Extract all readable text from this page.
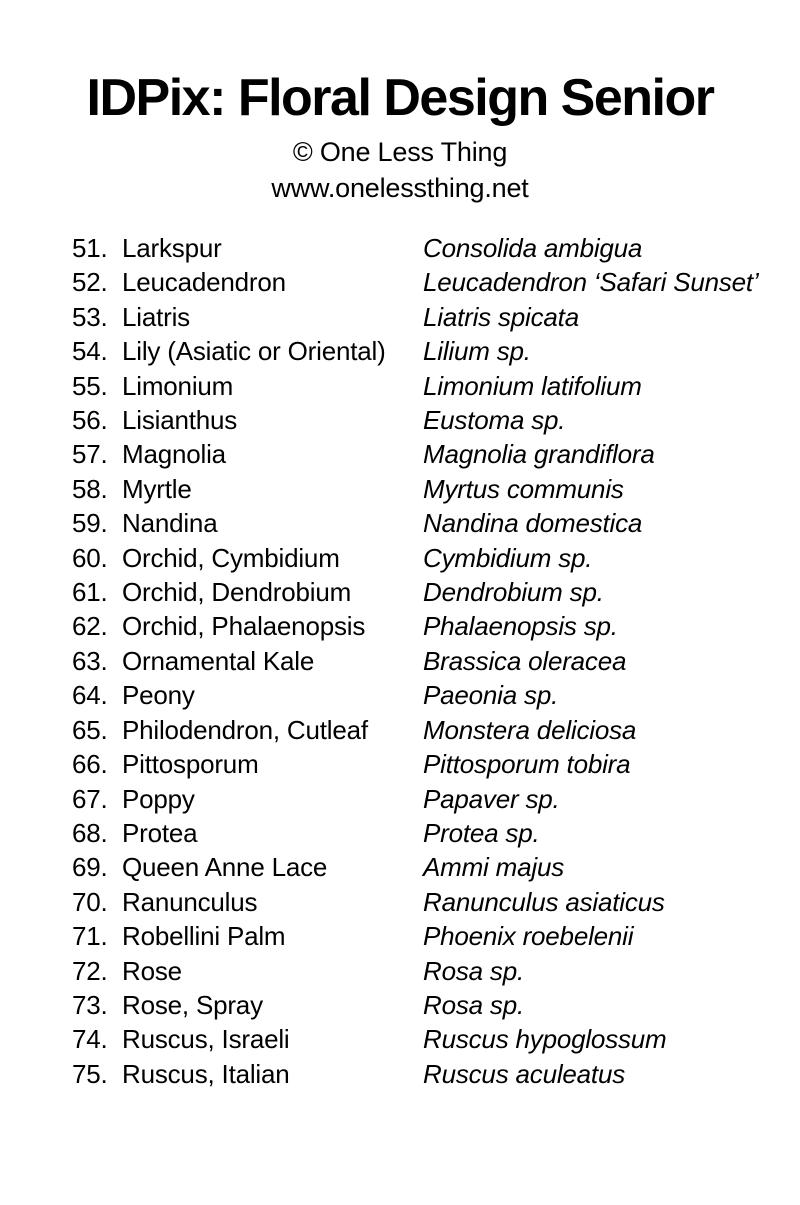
IDPix: Floral Design Senior

© One Less Thing

www.onelessthing.net

51. Larkspur	Consolida ambigua
52. Leucadendron	Leucadendron ‘Safari Sunset’
53. Liatris	Liatris spicata
54. Lily (Asiatic or Oriental)	Lilium sp.
55. Limonium	Limonium latifolium
56. Lisianthus	Eustoma sp.
57. Magnolia	Magnolia grandiflora
58. Myrtle	Myrtus communis
59. Nandina	Nandina domestica
60. Orchid, Cymbidium	Cymbidium sp.
61. Orchid, Dendrobium	Dendrobium sp.
62. Orchid, Phalaenopsis	Phalaenopsis sp.
63. Ornamental Kale	Brassica oleracea
64. Peony	Paeonia sp.
65. Philodendron, Cutleaf	Monstera deliciosa
66. Pittosporum	Pittosporum tobira
67. Poppy	Papaver sp.
68. Protea	Protea sp.
69. Queen Anne Lace	Ammi majus
70. Ranunculus	Ranunculus asiaticus
71. Robellini Palm	Phoenix roebelenii
72. Rose	Rosa sp.
73. Rose, Spray	Rosa sp.
74. Ruscus, Israeli	Ruscus hypoglossum
75. Ruscus, Italian	Ruscus aculeatus
